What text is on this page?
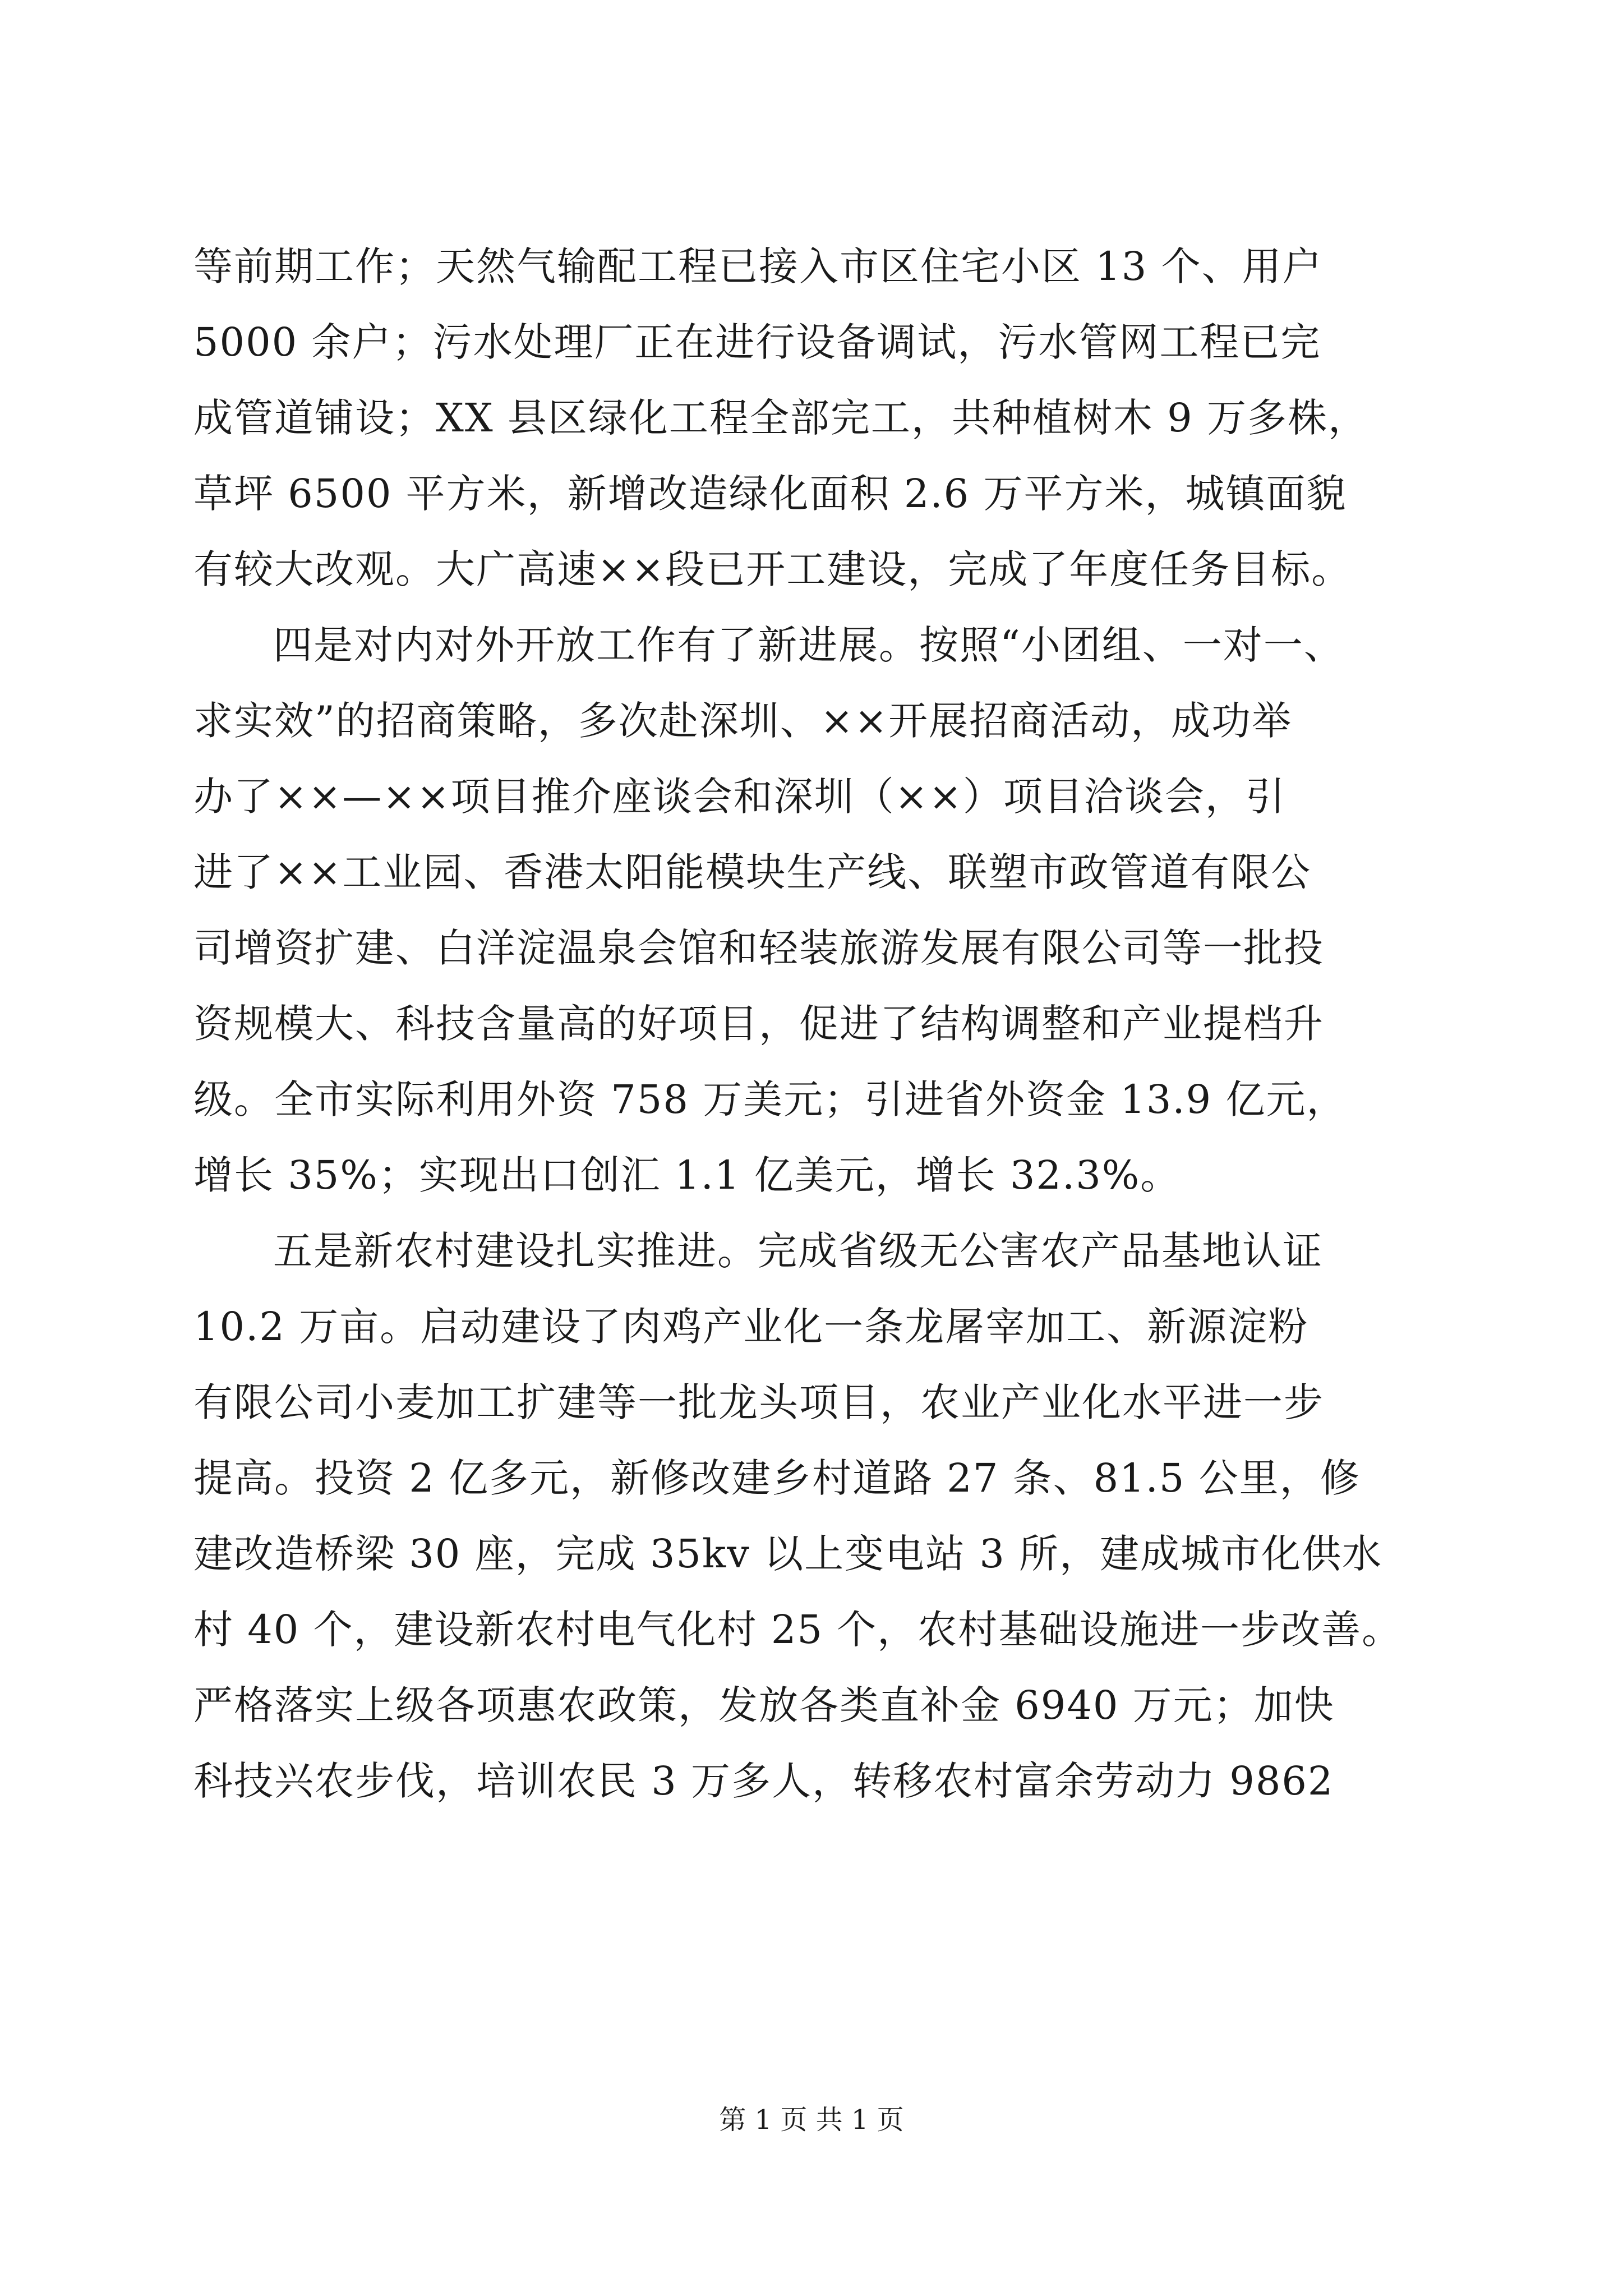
等前期工作；天然气输配工程已接入市区住宅小区 13 个、用户
5000 余户；污水处理厂正在进行设备调试，污水管网工程已完
成管道铺设；XX 县区绿化工程全部完工，共种植树木 9 万多株，
草坪 6500 平方米，新增改造绿化面积 2.6 万平方米，城镇面貌
有较大改观。大广高速××段已开工建设，完成了年度任务目标。
四是对内对外开放工作有了新进展。按照“小团组、一对一、
求实效”的招商策略，多次赴深圳、××开展招商活动，成功举
办了××—××项目推介座谈会和深圳（××）项目洽谈会，引
进了××工业园、香港太阳能模块生产线、联塑市政管道有限公
司增资扩建、白洋淀温泉会馆和轻装旅游发展有限公司等一批投
资规模大、科技含量高的好项目，促进了结构调整和产业提档升
级。全市实际利用外资 758 万美元；引进省外资金 13.9 亿元，
增长 35%；实现出口创汇 1.1 亿美元，增长 32.3%。
五是新农村建设扎实推进。完成省级无公害农产品基地认证
10.2 万亩。启动建设了肉鸡产业化一条龙屠宰加工、新源淀粉
有限公司小麦加工扩建等一批龙头项目，农业产业化水平进一步
提高。投资 2 亿多元，新修改建乡村道路 27 条、81.5 公里，修
建改造桥梁 30 座，完成 35kv 以上变电站 3 所，建成城市化供水
村 40 个，建设新农村电气化村 25 个，农村基础设施进一步改善。
严格落实上级各项惠农政策，发放各类直补金 6940 万元；加快
科技兴农步伐，培训农民 3 万多人，转移农村富余劳动力 9862
第 1 页 共 1 页
